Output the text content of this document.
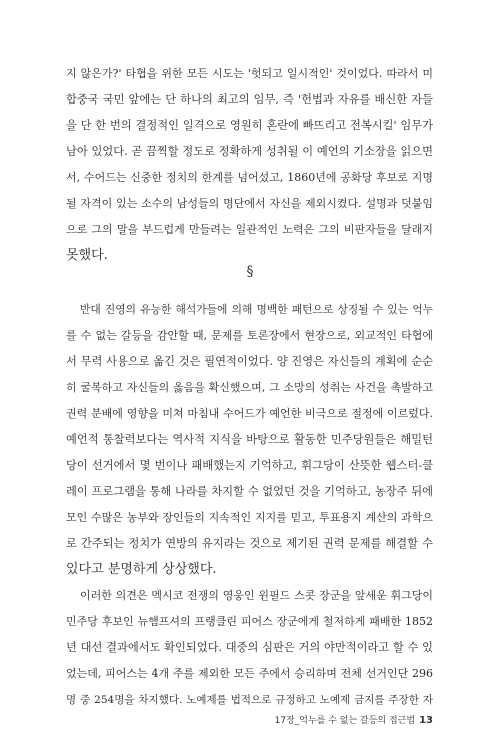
지 않은가?' 타협을 위한 모든 시도는 '헛되고 일시적인' 것이었다. 따라서 미
합중국 국민 앞에는 단 하나의 최고의 임무, 즉 '헌법과 자유를 배신한 자들
을 단 한 번의 결정적인 일격으로 영원히 혼란에 빠뜨리고 전복시킬' 임무가
남아 있었다. 곧 끔찍할 정도로 정확하게 성취될 이 예언의 기소장을 읽으면
서, 수어드는 신중한 정치의 한계를 넘어섰고, 1860년에 공화당 후보로 지명
될 자격이 있는 소수의 남성들의 명단에서 자신을 제외시켰다. 설명과 덧붙임
으로 그의 말을 부드럽게 만들려는 일관적인 노력은 그의 비판자들을 달래지
못했다.
§
반대 진영의 유능한 해석가들에 의해 명백한 패턴으로 상징될 수 있는 억누
를 수 없는 갈등을 감안할 때, 문제를 토론장에서 현장으로, 외교적인 타협에
서 무력 사용으로 옮긴 것은 필연적이었다. 양 진영은 자신들의 계획에 순순
히 굴복하고 자신들의 옳음을 확신했으며, 그 소망의 성취는 사건을 촉발하고
권력 분배에 영향을 미쳐 마침내 수어드가 예언한 비극으로 절정에 이르렀다.
예언적 통찰력보다는 역사적 지식을 바탕으로 활동한 민주당원들은 해밀턴
당이 선거에서 몇 번이나 패배했는지 기억하고, 휘그당이 산뜻한 웹스터-클
레이 프로그램을 통해 나라를 차지할 수 없었던 것을 기억하고, 농장주 뒤에
모인 수많은 농부와 장인들의 지속적인 지지를 믿고, 투표용지 계산의 과학으
로 간주되는 정치가 연방의 유지라는 것으로 제기된 권력 문제를 해결할 수
있다고 분명하게 상상했다.
이러한 의견은 멕시코 전쟁의 영웅인 윈필드 스콧 장군을 앞세운 휘그당이
민주당 후보인 뉴햄프셔의 프랭클린 피어스 장군에게 철저하게 패배한 1852
년 대선 결과에서도 확인되었다. 대중의 심판은 거의 야만적이라고 할 수 있
었는데, 피어스는 4개 주를 제외한 모든 주에서 승리하며 전체 선거인단 296
명 중 254명을 차지했다. 노예제를 법적으로 규정하고 노예제 금지를 주장한 자
17장_억누를 수 없는 갈등의 접근법 13
